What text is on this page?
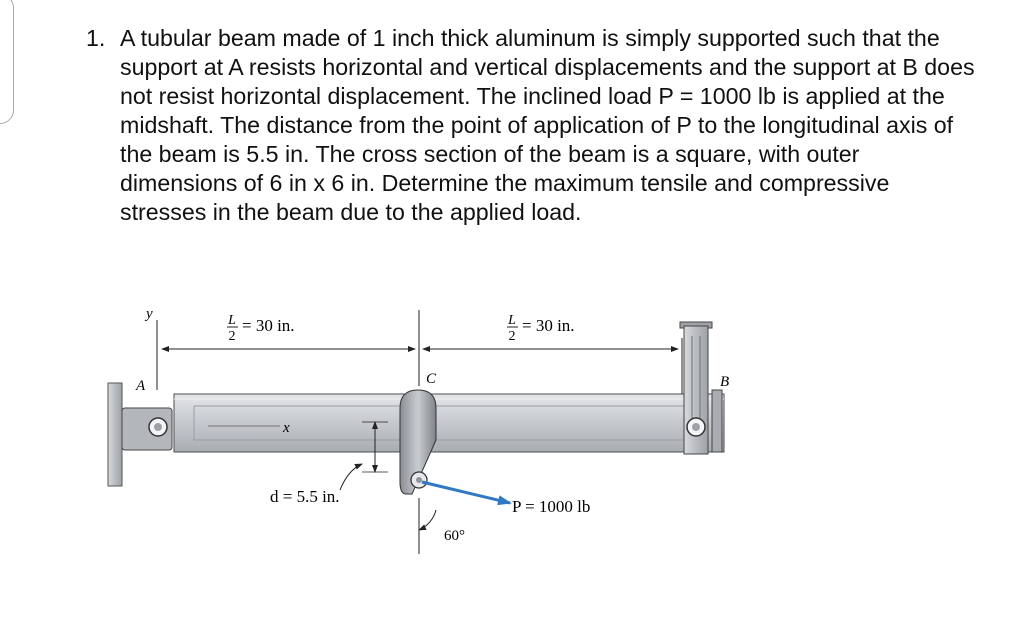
1. A tubular beam made of 1 inch thick aluminum is simply supported such that the support at A resists horizontal and vertical displacements and the support at B does not resist horizontal displacement. The inclined load P = 1000 lb is applied at the midshaft. The distance from the point of application of P to the longitudinal axis of the beam is 5.5 in. The cross section of the beam is a square, with outer dimensions of 6 in x 6 in. Determine the maximum tensile and compressive stresses in the beam due to the applied load.
y	L
2
= 30 in.	L
2
= 30 in.
A	C	B
x
d = 5.5 in.
60°
P = 1000 lb
